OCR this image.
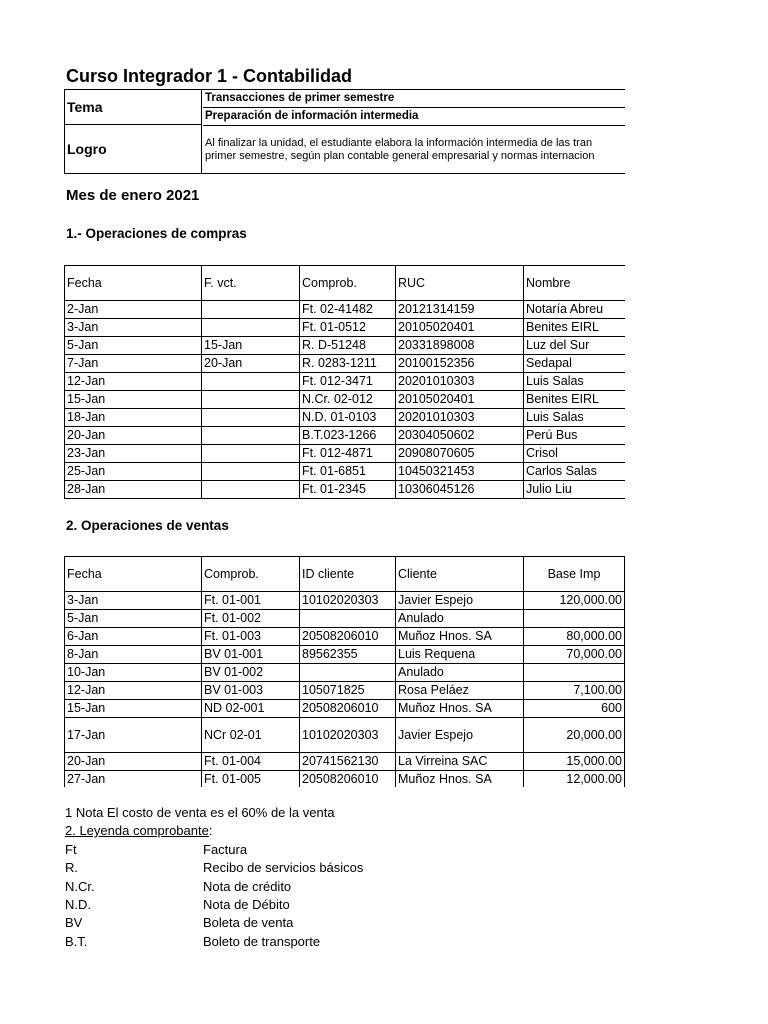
Curso Integrador 1 - Contabilidad
Tema
Transacciones de primer semestre
Preparación de información intermedia
Logro	Al finalizar la unidad, el estudiante elabora la información intermedia de las tran
primer semestre, según plan contable general empresarial y normas internacion
Mes de enero 2021
1.- Operaciones de compras
Fecha	F. vct.	Comprob.	RUC	Nombre
2-Jan		Ft. 02-41482	20121314159	Notaría Abreu
3-Jan		Ft. 01-0512	20105020401	Benites EIRL
5-Jan	15-Jan	R. D-51248	20331898008	Luz del Sur
7-Jan	20-Jan	R. 0283-1211	20100152356	Sedapal
12-Jan		Ft. 012-3471	20201010303	Luis Salas
15-Jan		N.Cr. 02-012	20105020401	Benites EIRL
18-Jan		N.D. 01-0103	20201010303	Luis Salas
20-Jan		B.T.023-1266	20304050602	Perú Bus
23-Jan		Ft. 012-4871	20908070605	Crisol
25-Jan		Ft. 01-6851	10450321453	Carlos Salas
28-Jan		Ft. 01-2345	10306045126	Julio Liu
2. Operaciones de ventas
Fecha	Comprob.	ID cliente	Cliente	Base Imp
3-Jan	Ft. 01-001	10102020303	Javier Espejo	120,000.00
5-Jan	Ft. 01-002		Anulado	
6-Jan	Ft. 01-003	20508206010	Muñoz Hnos. SA	80,000.00
8-Jan	BV 01-001	89562355	Luis Requena	70,000.00
10-Jan	BV 01-002		Anulado	
12-Jan	BV 01-003	105071825	Rosa Peláez	7,100.00
15-Jan	ND 02-001	20508206010	Muñoz Hnos. SA	600
17-Jan	NCr 02-01	10102020303	Javier Espejo	20,000.00
20-Jan	Ft. 01-004	20741562130	La Virreina SAC	15,000.00
27-Jan	Ft. 01-005	20508206010	Muñoz Hnos. SA	12,000.00
1 Nota El costo de venta es el 60% de la venta
2. Leyenda comprobante:
Ft	Factura
R.	Recibo de servicios básicos
N.Cr.	Nota de crédito
N.D.	Nota de Débito
BV	Boleta de venta
B.T.	Boleto de transporte
